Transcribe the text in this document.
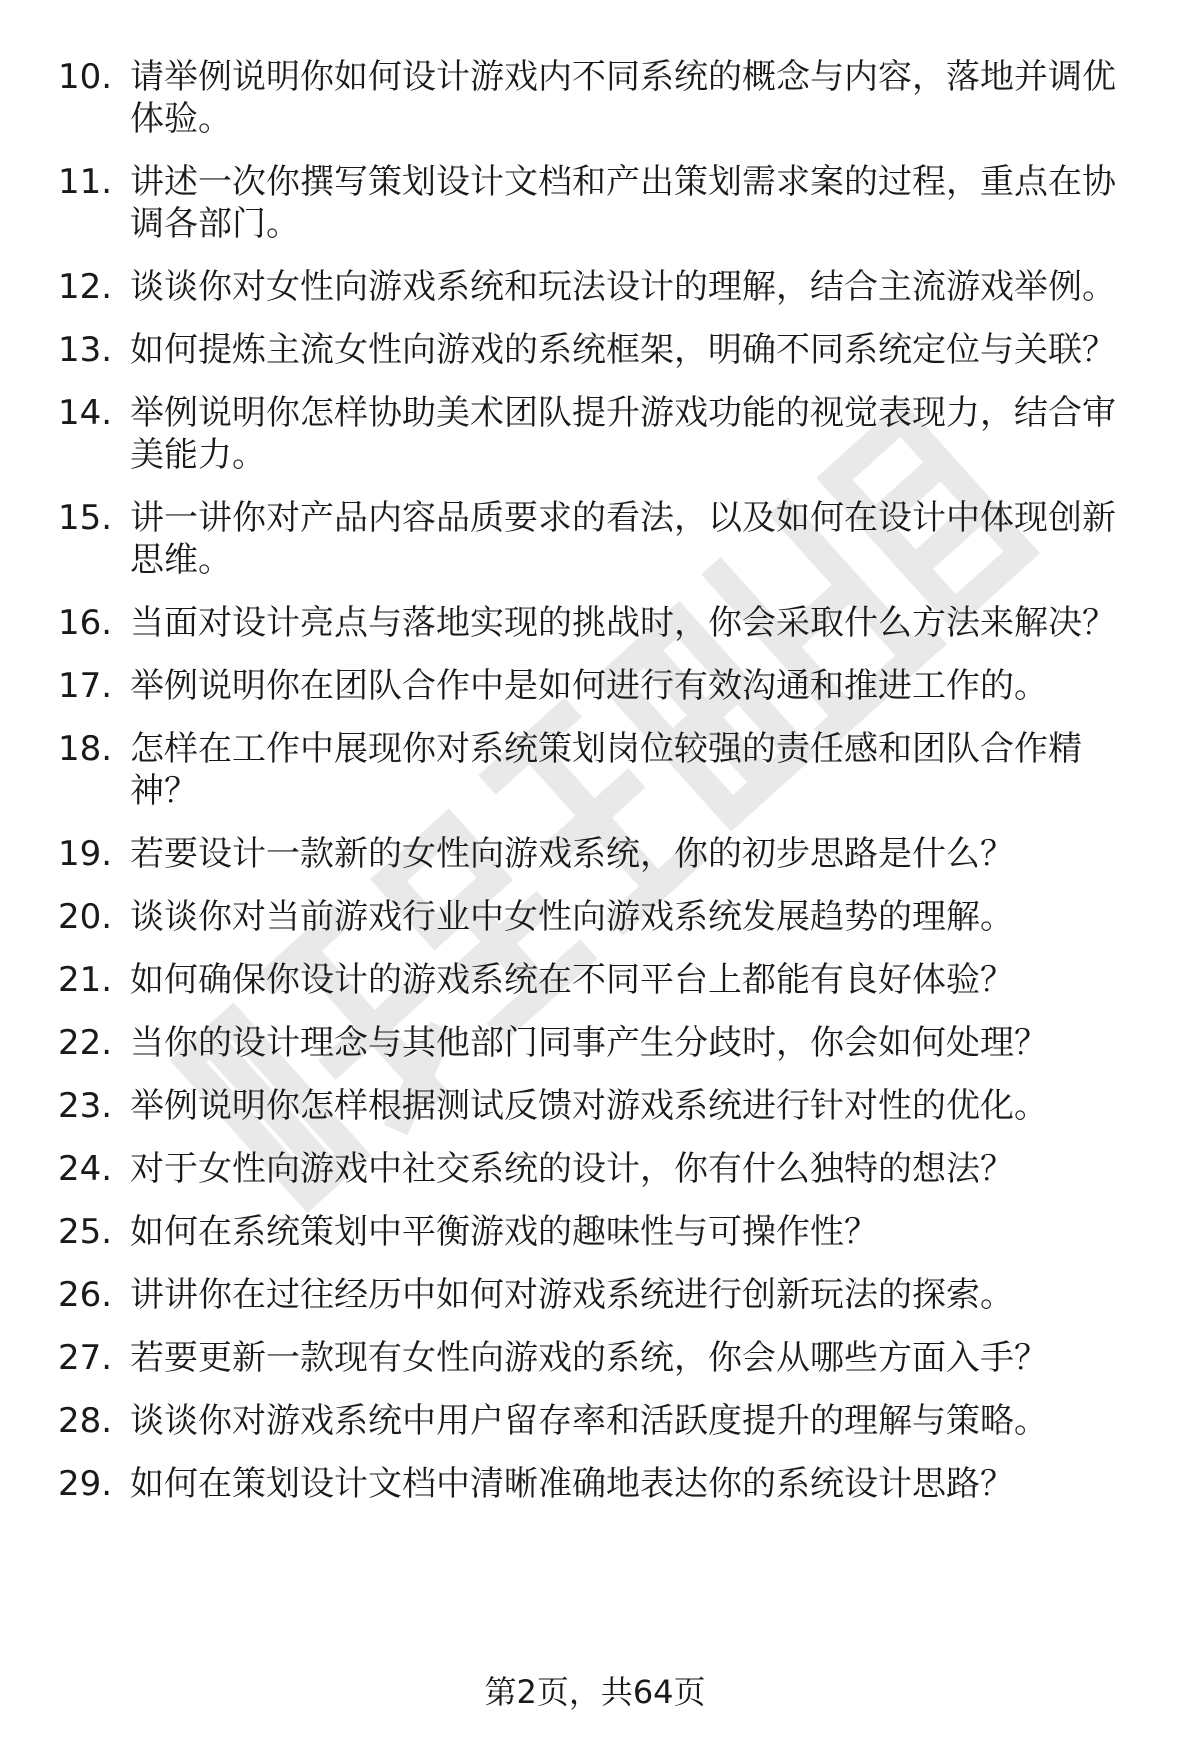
10. 请举例说明你如何设计游戏内不同系统的概念与内容，落地并调优体验。
11. 讲述一次你撰写策划设计文档和产出策划需求案的过程，重点在协调各部门。
12. 谈谈你对女性向游戏系统和玩法设计的理解，结合主流游戏举例。
13. 如何提炼主流女性向游戏的系统框架，明确不同系统定位与关联？
14. 举例说明你怎样协助美术团队提升游戏功能的视觉表现力，结合审美能力。
15. 讲一讲你对产品内容品质要求的看法，以及如何在设计中体现创新思维。
16. 当面对设计亮点与落地实现的挑战时，你会采取什么方法来解决？
17. 举例说明你在团队合作中是如何进行有效沟通和推进工作的。
18. 怎样在工作中展现你对系统策划岗位较强的责任感和团队合作精神？
19. 若要设计一款新的女性向游戏系统，你的初步思路是什么？
20. 谈谈你对当前游戏行业中女性向游戏系统发展趋势的理解。
21. 如何确保你设计的游戏系统在不同平台上都能有良好体验？
22. 当你的设计理念与其他部门同事产生分歧时，你会如何处理？
23. 举例说明你怎样根据测试反馈对游戏系统进行针对性的优化。
24. 对于女性向游戏中社交系统的设计，你有什么独特的想法？
25. 如何在系统策划中平衡游戏的趣味性与可操作性？
26. 讲讲你在过往经历中如何对游戏系统进行创新玩法的探索。
27. 若要更新一款现有女性向游戏的系统，你会从哪些方面入手？
28. 谈谈你对游戏系统中用户留存率和活跃度提升的理解与策略。
29. 如何在策划设计文档中清晰准确地表达你的系统设计思路？
第2页，共64页
